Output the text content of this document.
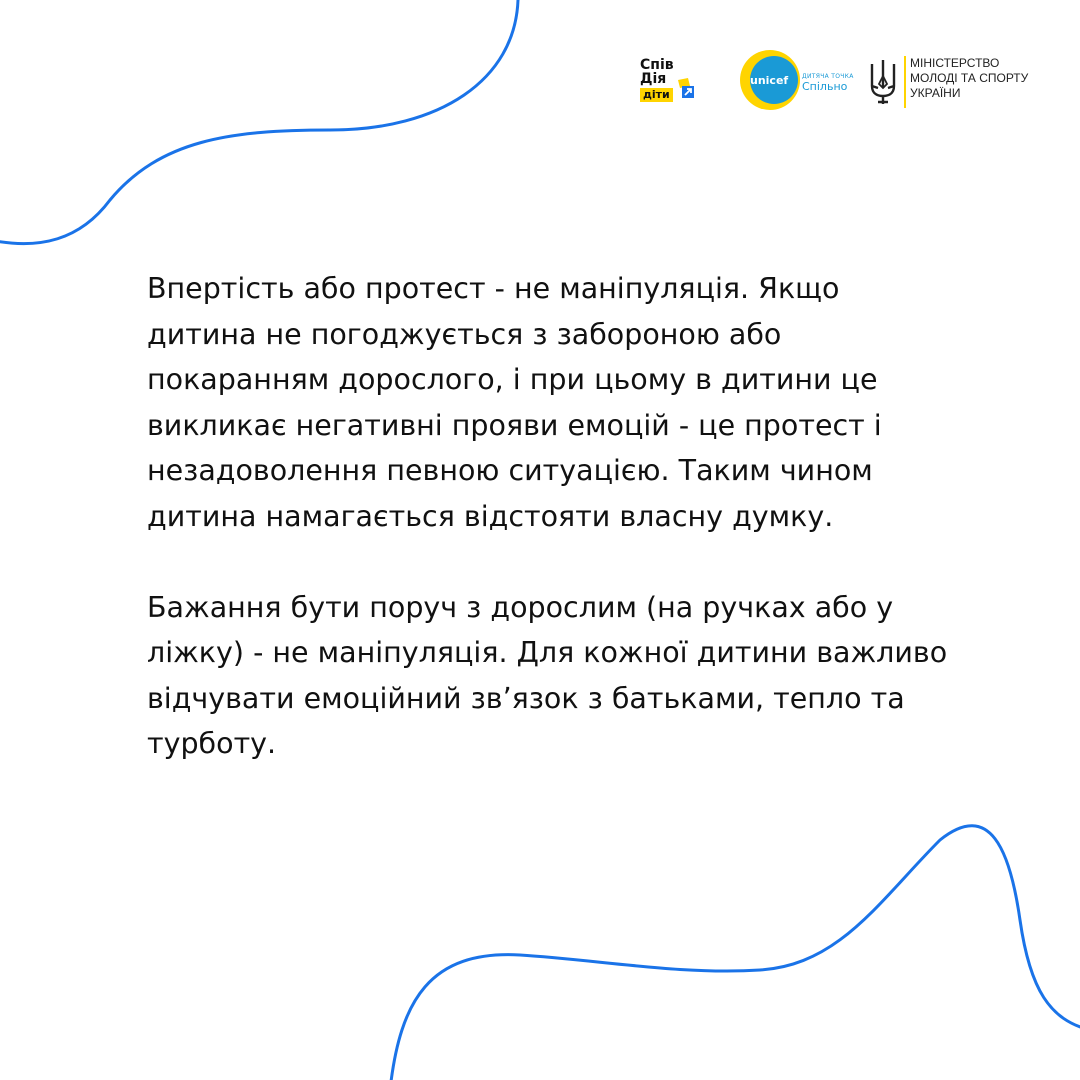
Спів
Дія
діти
unicef ДИТЯЧА ТОЧКА
Спільно
МІНІСТЕРСТВО
МОЛОДІ ТА СПОРТУ
УКРАЇНИ

Впертість або протест - не маніпуляція. Якщо дитина не погоджується з забороною або покаранням дорослого, і при цьому в дитини це викликає негативні прояви емоцій - це протест і незадоволення певною ситуацією. Таким чином дитина намагається відстояти власну думку.

Бажання бути поруч з дорослим (на ручках або у ліжку) - не маніпуляція. Для кожної дитини важливо відчувати емоційний звʼязок з батьками, тепло та турботу.
